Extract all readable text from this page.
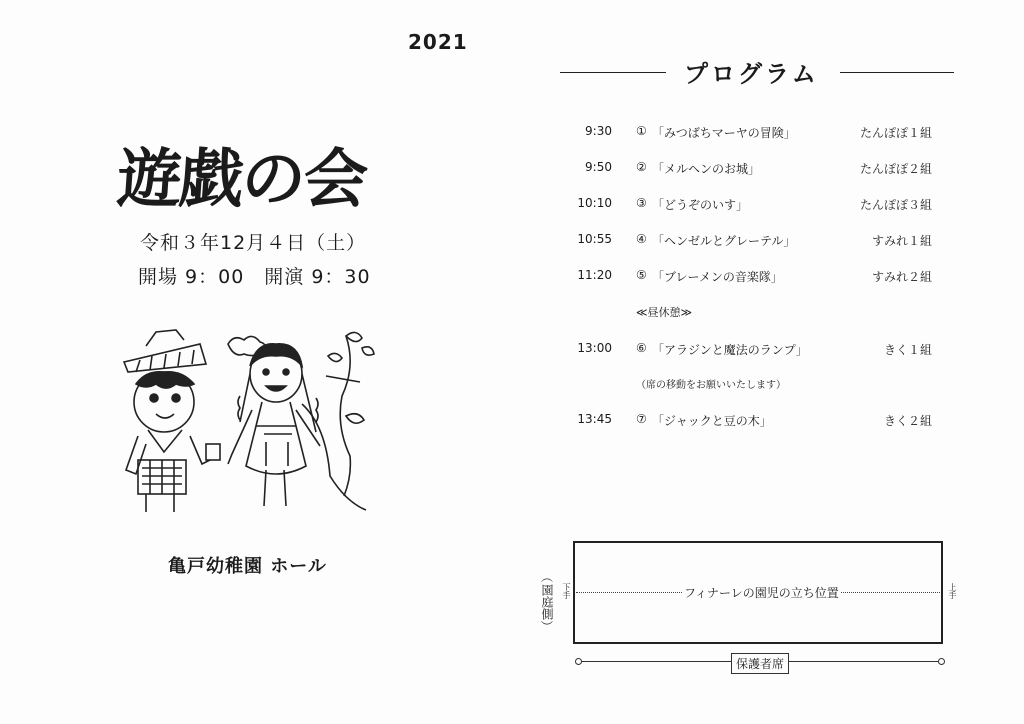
2021
遊戯の会
令和３年12月４日（土）
開場 9：00　開演 9：30
亀戸幼稚園 ホール
プログラム
9:30 ① 「みつばちマーヤの冒険」	たんぽぽ１組
9:50 ② 「メルヘンのお城」	たんぽぽ２組
10:10 ③ 「どうぞのいす」	たんぽぽ３組
10:55 ④ 「ヘンゼルとグレーテル」	すみれ１組
11:20 ⑤ 「ブレーメンの音楽隊」	すみれ２組
≪昼休憩≫
13:00 ⑥ 「アラジンと魔法のランプ」	きく１組
（席の移動をお願いいたします）
13:45 ⑦ 「ジャックと豆の木」	きく２組
︵
園庭側
︶
下手	上手
フィナーレの園児の立ち位置
保護者席
